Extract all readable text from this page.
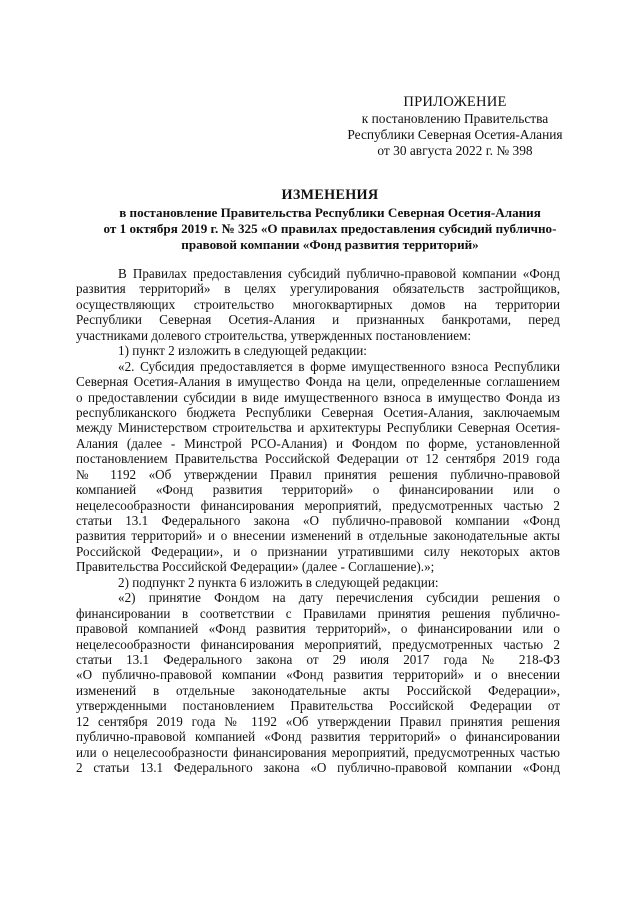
ПРИЛОЖЕНИЕ
к постановлению Правительства
Республики Северная Осетия-Алания
от 30 августа 2022 г. № 398
ИЗМЕНЕНИЯ
в постановление Правительства Республики Северная Осетия-Алания
от 1 октября 2019 г. № 325 «О правилах предоставления субсидий публично-
правовой компании «Фонд развития территорий»
В Правилах предоставления субсидий публично-правовой компании «Фонд
развития территорий» в целях урегулирования обязательств застройщиков,
осуществляющих строительство многоквартирных домов на территории
Республики Северная Осетия-Алания и признанных банкротами, перед
участниками долевого строительства, утвержденных постановлением:
1) пункт 2 изложить в следующей редакции:
«2. Субсидия предоставляется в форме имущественного взноса Республики
Северная Осетия-Алания в имущество Фонда на цели, определенные соглашением
о предоставлении субсидии в виде имущественного взноса в имущество Фонда из
республиканского бюджета Республики Северная Осетия-Алания, заключаемым
между Министерством строительства и архитектуры Республики Северная Осетия-
Алания (далее - Минстрой РСО-Алания) и Фондом по форме, установленной
постановлением Правительства Российской Федерации от 12 сентября 2019 года
№ 1192 «Об утверждении Правил принятия решения публично-правовой
компанией «Фонд развития территорий» о финансировании или о
нецелесообразности финансирования мероприятий, предусмотренных частью 2
статьи 13.1 Федерального закона «О публично-правовой компании «Фонд
развития территорий» и о внесении изменений в отдельные законодательные акты
Российской Федерации», и о признании утратившими силу некоторых актов
Правительства Российской Федерации» (далее - Соглашение).»;
2) подпункт 2 пункта 6 изложить в следующей редакции:
«2) принятие Фондом на дату перечисления субсидии решения о
финансировании в соответствии с Правилами принятия решения публично-
правовой компанией «Фонд развития территорий», о финансировании или о
нецелесообразности финансирования мероприятий, предусмотренных частью 2
статьи 13.1 Федерального закона от 29 июля 2017 года № 218-ФЗ
«О публично-правовой компании «Фонд развития территорий» и о внесении
изменений в отдельные законодательные акты Российской Федерации»,
утвержденными постановлением Правительства Российской Федерации от
12 сентября 2019 года № 1192 «Об утверждении Правил принятия решения
публично-правовой компанией «Фонд развития территорий» о финансировании
или о нецелесообразности финансирования мероприятий, предусмотренных частью
2 статьи 13.1 Федерального закона «О публично-правовой компании «Фонд
